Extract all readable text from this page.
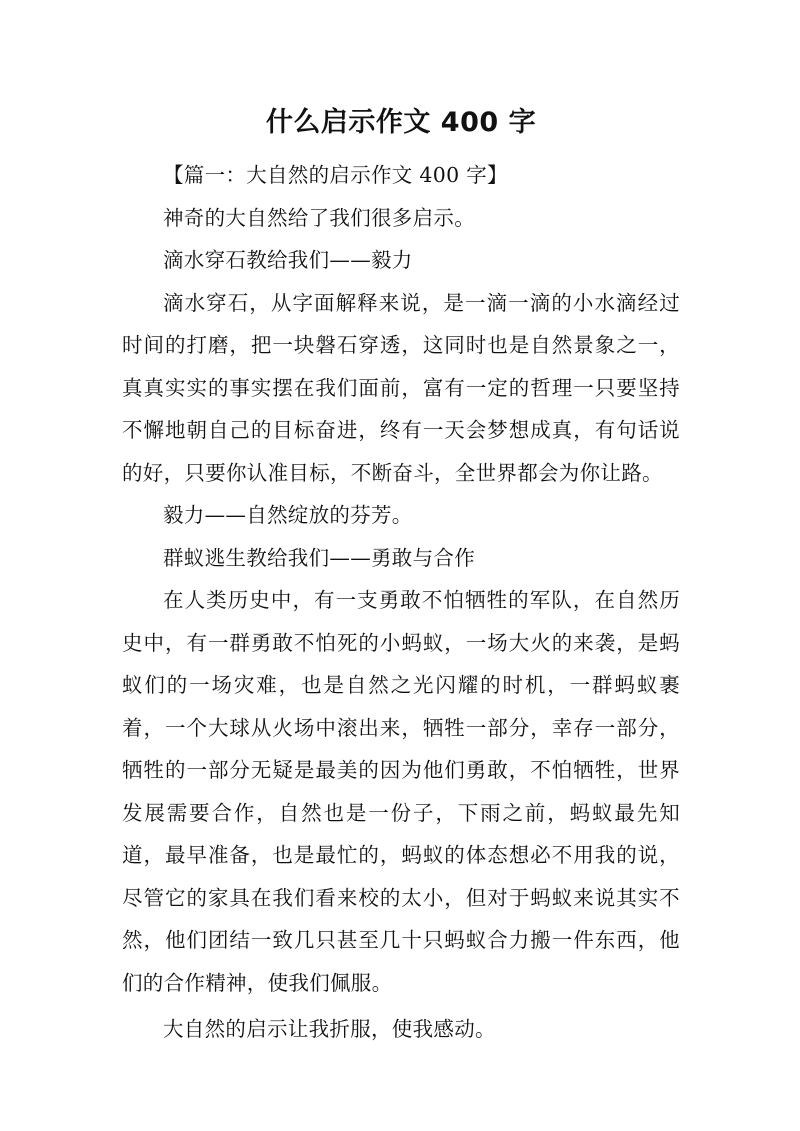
什么启示作文 400 字

【篇一：大自然的启示作文 400 字】

神奇的大自然给了我们很多启示。

滴水穿石教给我们——毅力

滴水穿石，从字面解释来说，是一滴一滴的小水滴经过时间的打磨，把一块磐石穿透，这同时也是自然景象之一，真真实实的事实摆在我们面前，富有一定的哲理一只要坚持不懈地朝自己的目标奋进，终有一天会梦想成真，有句话说的好，只要你认准目标，不断奋斗，全世界都会为你让路。

毅力——自然绽放的芬芳。

群蚁逃生教给我们——勇敢与合作

在人类历史中，有一支勇敢不怕牺牲的军队，在自然历史中，有一群勇敢不怕死的小蚂蚁，一场大火的来袭，是蚂蚁们的一场灾难，也是自然之光闪耀的时机，一群蚂蚁裹着，一个大球从火场中滚出来，牺牲一部分，幸存一部分，牺牲的一部分无疑是最美的因为他们勇敢，不怕牺牲，世界发展需要合作，自然也是一份子，下雨之前，蚂蚁最先知道，最早准备，也是最忙的，蚂蚁的体态想必不用我的说，尽管它的家具在我们看来校的太小，但对于蚂蚁来说其实不然，他们团结一致几只甚至几十只蚂蚁合力搬一件东西，他们的合作精神，使我们佩服。

大自然的启示让我折服，使我感动。
